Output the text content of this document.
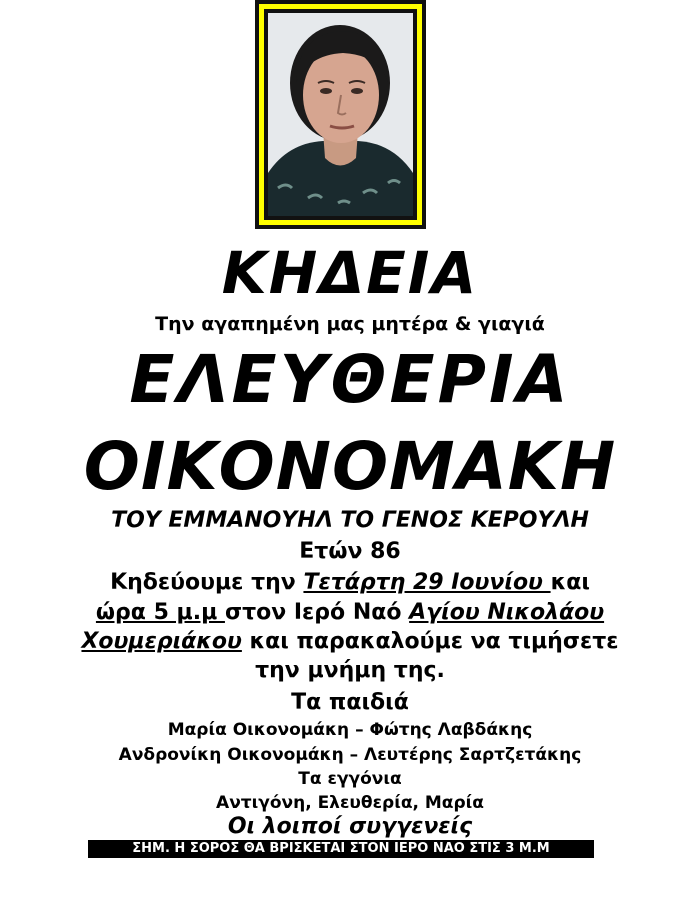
ΚΗΔΕΙΑ
Την αγαπημένη μας μητέρα & γιαγιά
ΕΛΕΥΘΕΡΙΑ
ΟΙΚΟΝΟΜΑΚΗ
ΤΟΥ ΕΜΜΑΝΟΥΗΛ ΤΟ ΓΕΝΟΣ ΚΕΡΟΥΛΗ
Ετών 86
Κηδεύουμε την Τετάρτη 29 Ιουνίου και
ώρα 5 μ.μ στον Ιερό Ναό Αγίου Νικολάου
Χουμεριάκου και παρακαλούμε να τιμήσετε
την μνήμη της.
Τα παιδιά
Μαρία Οικονομάκη – Φώτης Λαβδάκης
Ανδρονίκη Οικονομάκη – Λευτέρης Σαρτζετάκης
Τα εγγόνια
Αντιγόνη, Ελευθερία, Μαρία
Οι λοιποί συγγενείς
ΣΗΜ. Η ΣΟΡΟΣ ΘΑ ΒΡΙΣΚΕΤΑΙ ΣΤΟΝ ΙΕΡΟ ΝΑΟ ΣΤΙΣ 3 Μ.Μ
